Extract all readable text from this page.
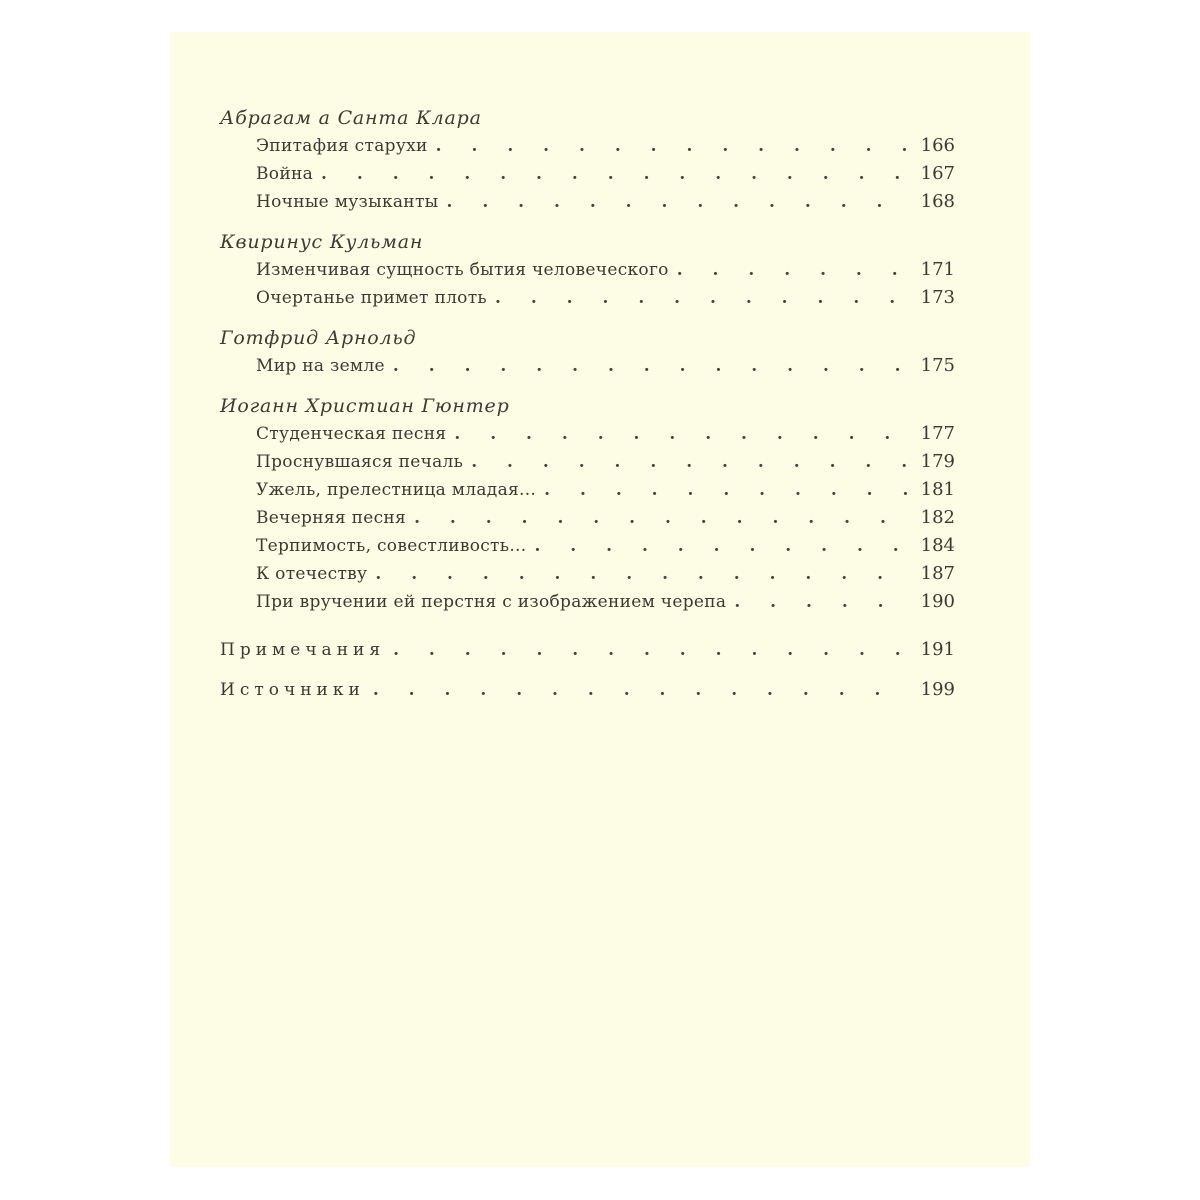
Абрагам а Санта Клара
Эпитафия старухи . . .	166
Война . . .	167
Ночные музыканты . . .	168
Квиринус Кульман
Изменчивая сущность бытия человеческого . . .	171
Очертанье примет плоть . . .	173
Готфрид Арнольд
Мир на земле . . .	175
Иоганн Христиан Гюнтер
Студенческая песня . . .	177
Проснувшаяся печаль . . .	179
Ужель, прелестница младая... . . .	181
Вечерняя песня . . .	182
Терпимость, совестливость... . . .	184
К отечеству . . .	187
При вручении ей перстня с изображением черепа . . .	190
Примечания . . .	191
Источники . . .	199
